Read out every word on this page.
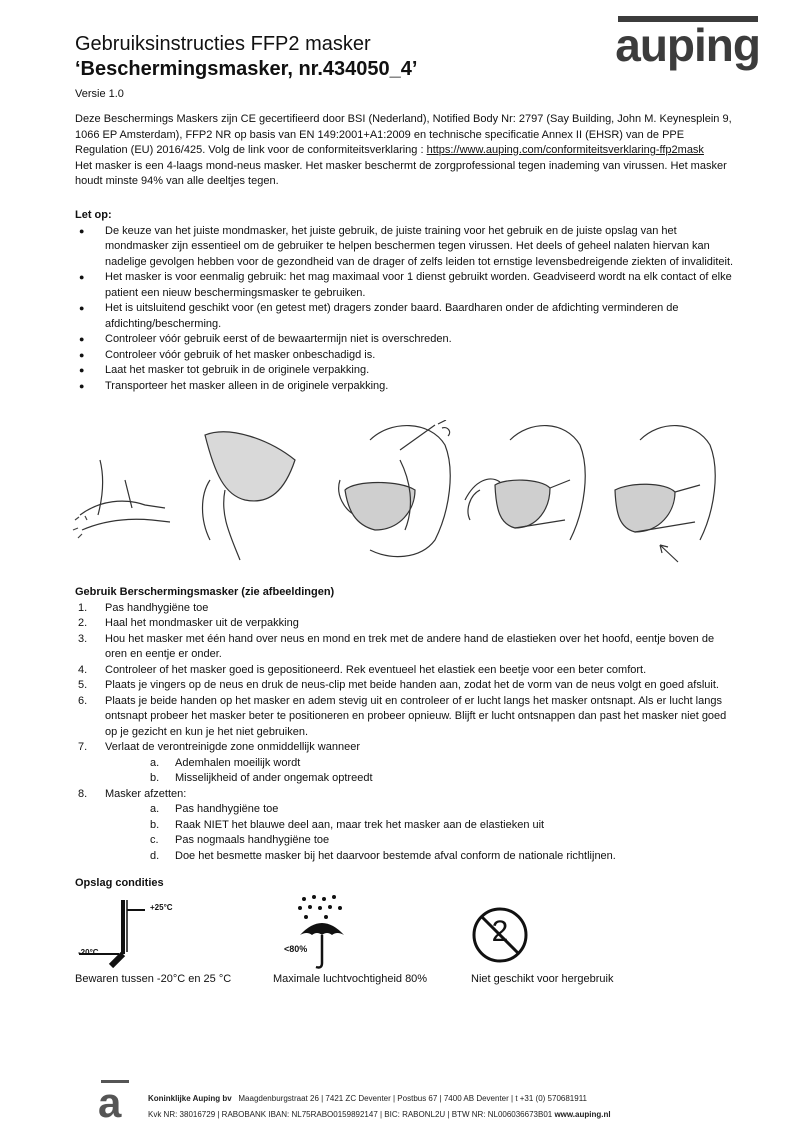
Gebruiksinstructies FFP2 masker
‘Beschermingsmasker, nr.434050_4’
Versie 1.0
auping
Deze Beschermings Maskers zijn CE gecertifieerd door BSI (Nederland), Notified Body Nr: 2797 (Say Building, John M. Keynesplein 9, 1066 EP Amsterdam), FFP2 NR op basis van EN 149:2001+A1:2009 en technische specificatie Annex II (EHSR) van de PPE Regulation (EU) 2016/425. Volg de link voor de conformiteitsverklaring : https://www.auping.com/conformiteitsverklaring-ffp2mask
Het masker is een 4-laags mond-neus masker. Het masker beschermt de zorgprofessional tegen inademing van virussen. Het masker houdt minste 94% van alle deeltjes tegen.
Let op:
● De keuze van het juiste mondmasker, het juiste gebruik, de juiste training voor het gebruik en de juiste opslag van het mondmasker zijn essentieel om de gebruiker te helpen beschermen tegen virussen. Het deels of geheel nalaten hiervan kan nadelige gevolgen hebben voor de gezondheid van de drager of zelfs leiden tot ernstige levensbedreigende ziekten of invaliditeit.
● Het masker is voor eenmalig gebruik: het mag maximaal voor 1 dienst gebruikt worden. Geadviseerd wordt na elk contact of elke patient een nieuw beschermingsmasker te gebruiken.
● Het is uitsluitend geschikt voor (en getest met) dragers zonder baard. Baardharen onder de afdichting verminderen de afdichting/bescherming.
● Controleer vóór gebruik eerst of de bewaartermijn niet is overschreden.
● Controleer vóór gebruik of het masker onbeschadigd is.
● Laat het masker tot gebruik in de originele verpakking.
● Transporteer het masker alleen in de originele verpakking.
Gebruik Berschermingsmasker (zie afbeeldingen)
1. Pas handhygiëne toe
2. Haal het mondmasker uit de verpakking
3. Hou het masker met één hand over neus en mond en trek met de andere hand de elastieken over het hoofd, eentje boven de oren en eentje er onder.
4. Controleer of het masker goed is gepositioneerd. Rek eventueel het elastiek een beetje voor een beter comfort.
5. Plaats je vingers op de neus en druk de neus-clip met beide handen aan, zodat het de vorm van de neus volgt en goed afsluit.
6. Plaats je beide handen op het masker en adem stevig uit en controleer of er lucht langs het masker ontsnapt. Als er lucht langs ontsnapt probeer het masker beter te positioneren en probeer opnieuw. Blijft er lucht ontsnappen dan past het masker niet goed op je gezicht en kun je het niet gebruiken.
7. Verlaat de verontreinigde zone onmiddellijk wanneer
a. Ademhalen moeilijk wordt
b. Misselijkheid of ander ongemak optreedt
8. Masker afzetten:
a. Pas handhygiëne toe
b. Raak NIET het blauwe deel aan, maar trek het masker aan de elastieken uit
c. Pas nogmaals handhygiëne toe
d. Doe het besmette masker bij het daarvoor bestemde afval conform de nationale richtlijnen.
Opslag condities
+25°C
-20°C
Bewaren tussen -20°C en 25 °C
<80%
Maximale luchtvochtigheid 80%
2
Niet geschikt voor hergebruik
a	Koninklijke Auping bv Maagdenburgstraat 26 | 7421 ZC Deventer | Postbus 67 | 7400 AB Deventer | t +31 (0) 570681911
Kvk NR: 38016729 | RABOBANK IBAN: NL75RABO0159892147 | BIC: RABONL2U | BTW NR: NL006036673B01 www.auping.nl
